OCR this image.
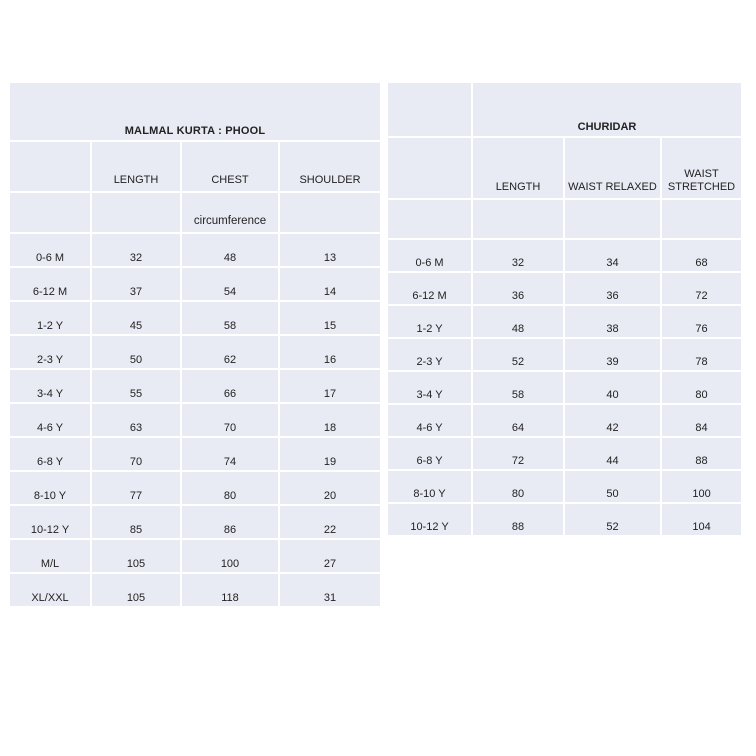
MALMAL KURTA : PHOOL			
	LENGTH	CHEST	SHOULDER
		circumference	
0-6 M	32	48	13
6-12 M	37	54	14
1-2 Y	45	58	15
2-3 Y	50	62	16
3-4 Y	55	66	17
4-6 Y	63	70	18
6-8 Y	70	74	19
8-10 Y	77	80	20
10-12 Y	85	86	22
M/L	105	100	27
XL/XXL	105	118	31
	CHURIDAR		
	LENGTH	WAIST RELAXED	WAIST STRETCHED

0-6 M	32	34	68
6-12 M	36	36	72
1-2 Y	48	38	76
2-3 Y	52	39	78
3-4 Y	58	40	80
4-6 Y	64	42	84
6-8 Y	72	44	88
8-10 Y	80	50	100
10-12 Y	88	52	104
